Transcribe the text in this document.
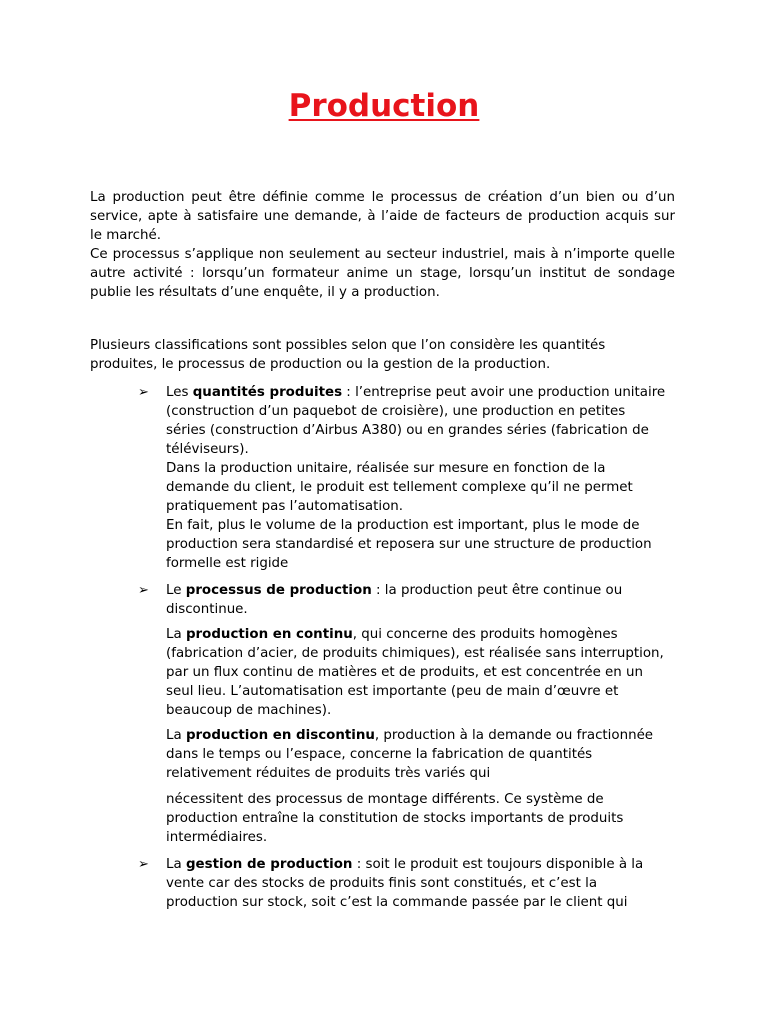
Production

La production peut être définie comme le processus de création d’un bien ou d’un service, apte à satisfaire une demande, à l’aide de facteurs de production acquis sur le marché.

Ce processus s’applique non seulement au secteur industriel, mais à n’importe quelle autre activité : lorsqu’un formateur anime un stage, lorsqu’un institut de sondage publie les résultats d’une enquête, il y a production.

Plusieurs classifications sont possibles selon que l’on considère les quantités produites, le processus de production ou la gestion de la production.

➢ Les quantités produites : l’entreprise peut avoir une production unitaire (construction d’un paquebot de croisière), une production en petites séries (construction d’Airbus A380) ou en grandes séries (fabrication de téléviseurs).

Dans la production unitaire, réalisée sur mesure en fonction de la demande du client, le produit est tellement complexe qu’il ne permet pratiquement pas l’automatisation.

En fait, plus le volume de la production est important, plus le mode de production sera standardisé et reposera sur une structure de production formelle est rigide

➢ Le processus de production : la production peut être continue ou discontinue.

La production en continu, qui concerne des produits homogènes (fabrication d’acier, de produits chimiques), est réalisée sans interruption, par un flux continu de matières et de produits, et est concentrée en un seul lieu. L’automatisation est importante (peu de main d’œuvre et beaucoup de machines).

La production en discontinu, production à la demande ou fractionnée dans le temps ou l’espace, concerne la fabrication de quantités relativement réduites de produits très variés qui

nécessitent des processus de montage différents. Ce système de production entraîne la constitution de stocks importants de produits intermédiaires.

➢ La gestion de production : soit le produit est toujours disponible à la vente car des stocks de produits finis sont constitués, et c’est la production sur stock, soit c’est la commande passée par le client qui
